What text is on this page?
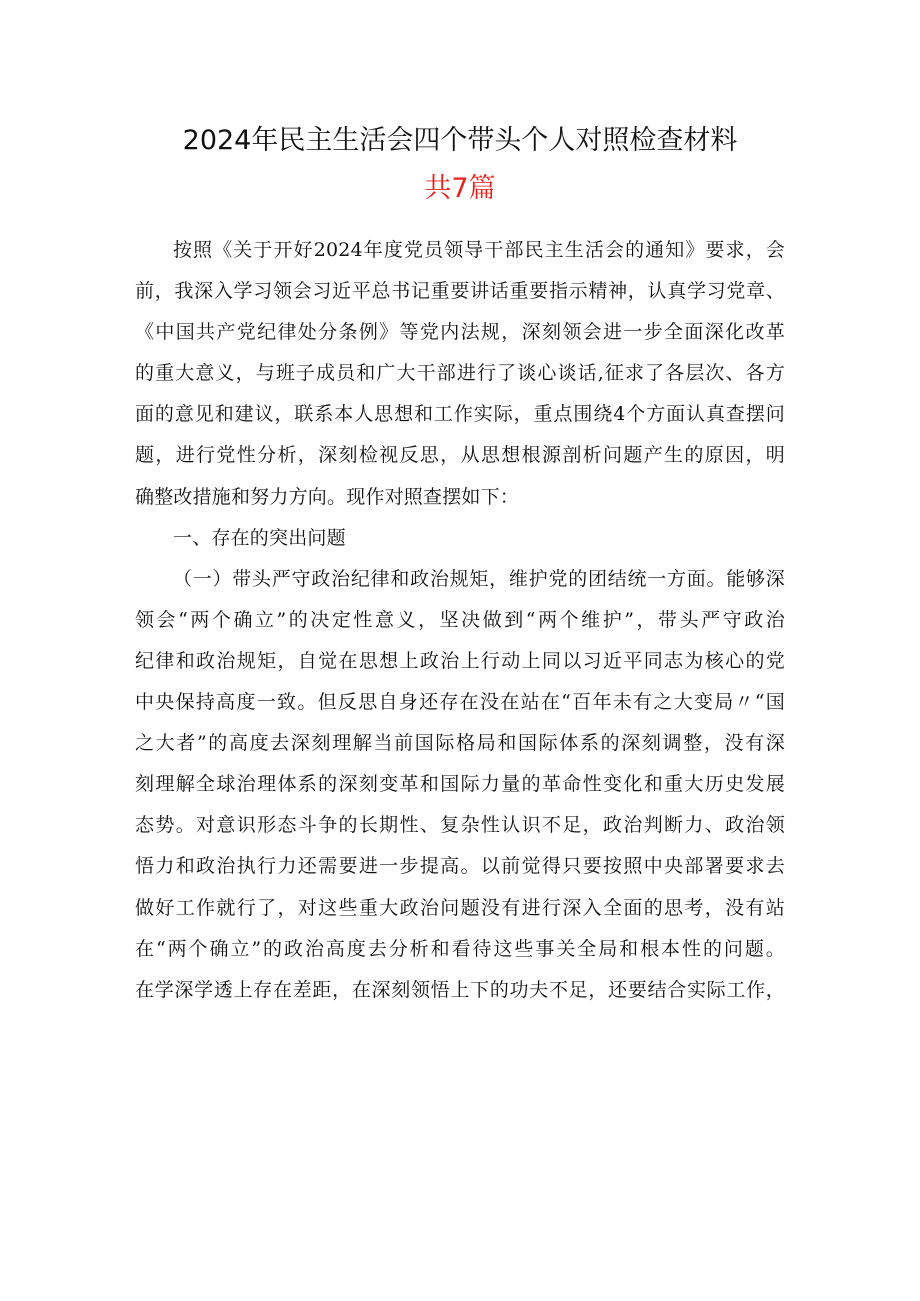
2024年民主生活会四个带头个人对照检查材料
共7篇
按照《关于开好2024年度党员领导干部民主生活会的通知》要求，会
前，我深入学习领会习近平总书记重要讲话重要指示精神，认真学习党章、
《中国共产党纪律处分条例》等党内法规，深刻领会进一步全面深化改革
的重大意义，与班子成员和广大干部进行了谈心谈话,征求了各层次、各方
面的意见和建议，联系本人思想和工作实际，重点围绕4个方面认真查摆问
题，进行党性分析，深刻检视反思，从思想根源剖析问题产生的原因，明
确整改措施和努力方向。现作对照查摆如下：
一、存在的突出问题
（一）带头严守政治纪律和政治规矩，维护党的团结统一方面。能够深
领会“两个确立”的决定性意义，坚决做到“两个维护”，带头严守政治
纪律和政治规矩，自觉在思想上政治上行动上同以习近平同志为核心的党
中央保持高度一致。但反思自身还存在没在站在“百年未有之大变局〃“国
之大者”的高度去深刻理解当前国际格局和国际体系的深刻调整，没有深
刻理解全球治理体系的深刻变革和国际力量的革命性变化和重大历史发展
态势。对意识形态斗争的长期性、复杂性认识不足，政治判断力、政治领
悟力和政治执行力还需要进一步提高。以前觉得只要按照中央部署要求去
做好工作就行了，对这些重大政治问题没有进行深入全面的思考，没有站
在“两个确立”的政治高度去分析和看待这些事关全局和根本性的问题。
在学深学透上存在差距，在深刻领悟上下的功夫不足，还要结合实际工作，
